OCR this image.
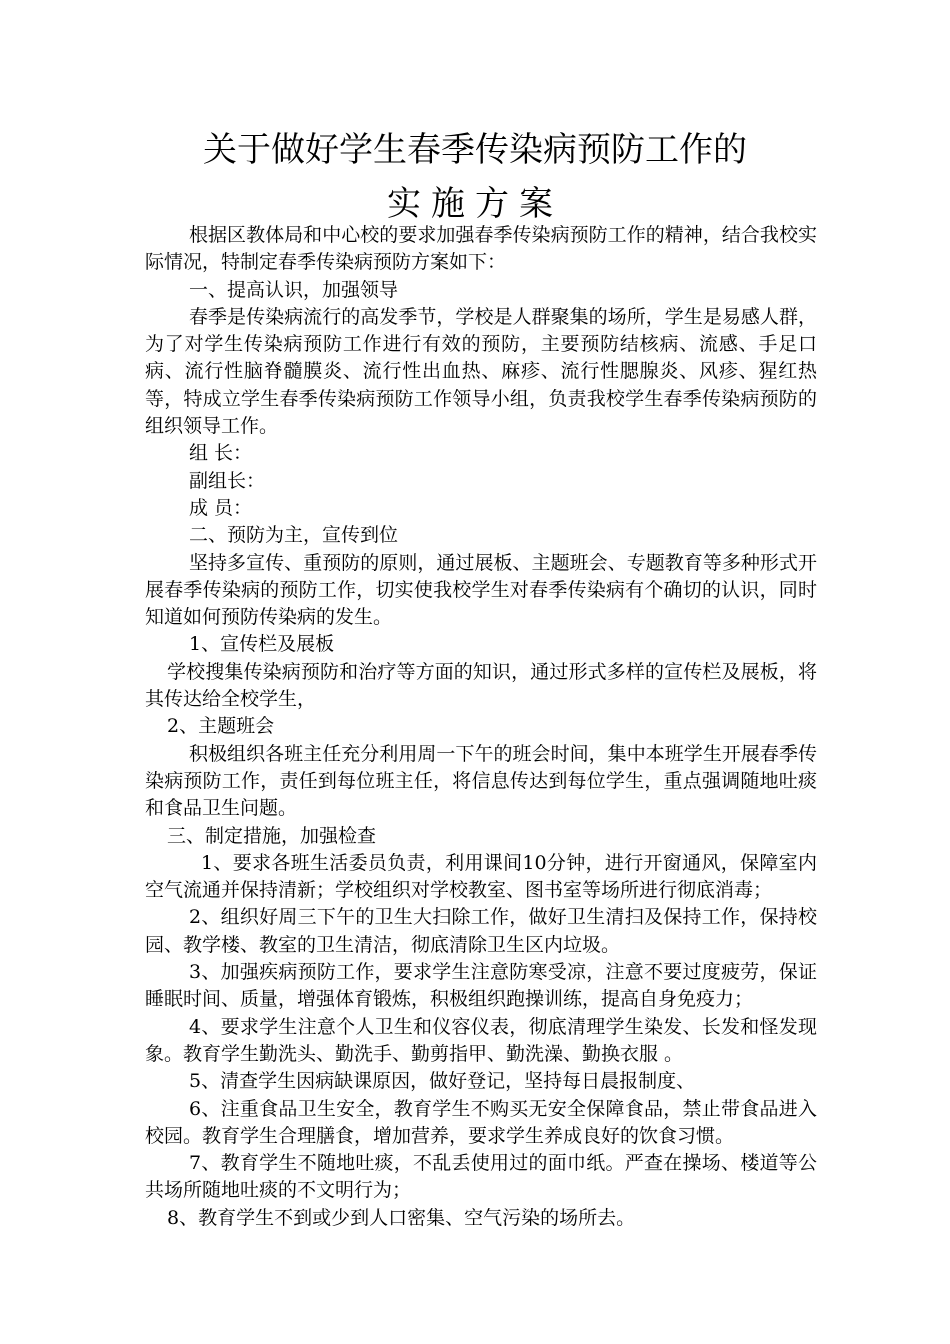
关于做好学生春季传染病预防工作的
实施方案

根据区教体局和中心校的要求加强春季传染病预防工作的精神，结合我校实际情况，特制定春季传染病预防方案如下：

一、提高认识，加强领导

春季是传染病流行的高发季节，学校是人群聚集的场所，学生是易感人群，为了对学生传染病预防工作进行有效的预防，主要预防结核病、流感、手足口病、流行性脑脊髓膜炎、流行性出血热、麻疹、流行性腮腺炎、风疹、猩红热等，特成立学生春季传染病预防工作领导小组，负责我校学生春季传染病预防的组织领导工作。

组 长：

副组长：

成 员：

二、预防为主，宣传到位

坚持多宣传、重预防的原则，通过展板、主题班会、专题教育等多种形式开展春季传染病的预防工作，切实使我校学生对春季传染病有个确切的认识，同时知道如何预防传染病的发生。

1、宣传栏及展板

学校搜集传染病预防和治疗等方面的知识，通过形式多样的宣传栏及展板，将其传达给全校学生，

2、主题班会

积极组织各班主任充分利用周一下午的班会时间，集中本班学生开展春季传染病预防工作，责任到每位班主任，将信息传达到每位学生，重点强调随地吐痰和食品卫生问题。

三、制定措施，加强检查

1、要求各班生活委员负责，利用课间10分钟，进行开窗通风，保障室内空气流通并保持清新；学校组织对学校教室、图书室等场所进行彻底消毒；

2、组织好周三下午的卫生大扫除工作，做好卫生清扫及保持工作，保持校园、教学楼、教室的卫生清洁，彻底清除卫生区内垃圾。

3、加强疾病预防工作，要求学生注意防寒受凉，注意不要过度疲劳，保证睡眠时间、质量，增强体育锻炼，积极组织跑操训练，提高自身免疫力；

4、要求学生注意个人卫生和仪容仪表，彻底清理学生染发、长发和怪发现象。教育学生勤洗头、勤洗手、勤剪指甲、勤洗澡、勤换衣服 。

5、清查学生因病缺课原因，做好登记，坚持每日晨报制度、

6、注重食品卫生安全，教育学生不购买无安全保障食品，禁止带食品进入校园。教育学生合理膳食，增加营养，要求学生养成良好的饮食习惯。

7、教育学生不随地吐痰，不乱丢使用过的面巾纸。严查在操场、楼道等公共场所随地吐痰的不文明行为；

8、教育学生不到或少到人口密集、空气污染的场所去。
